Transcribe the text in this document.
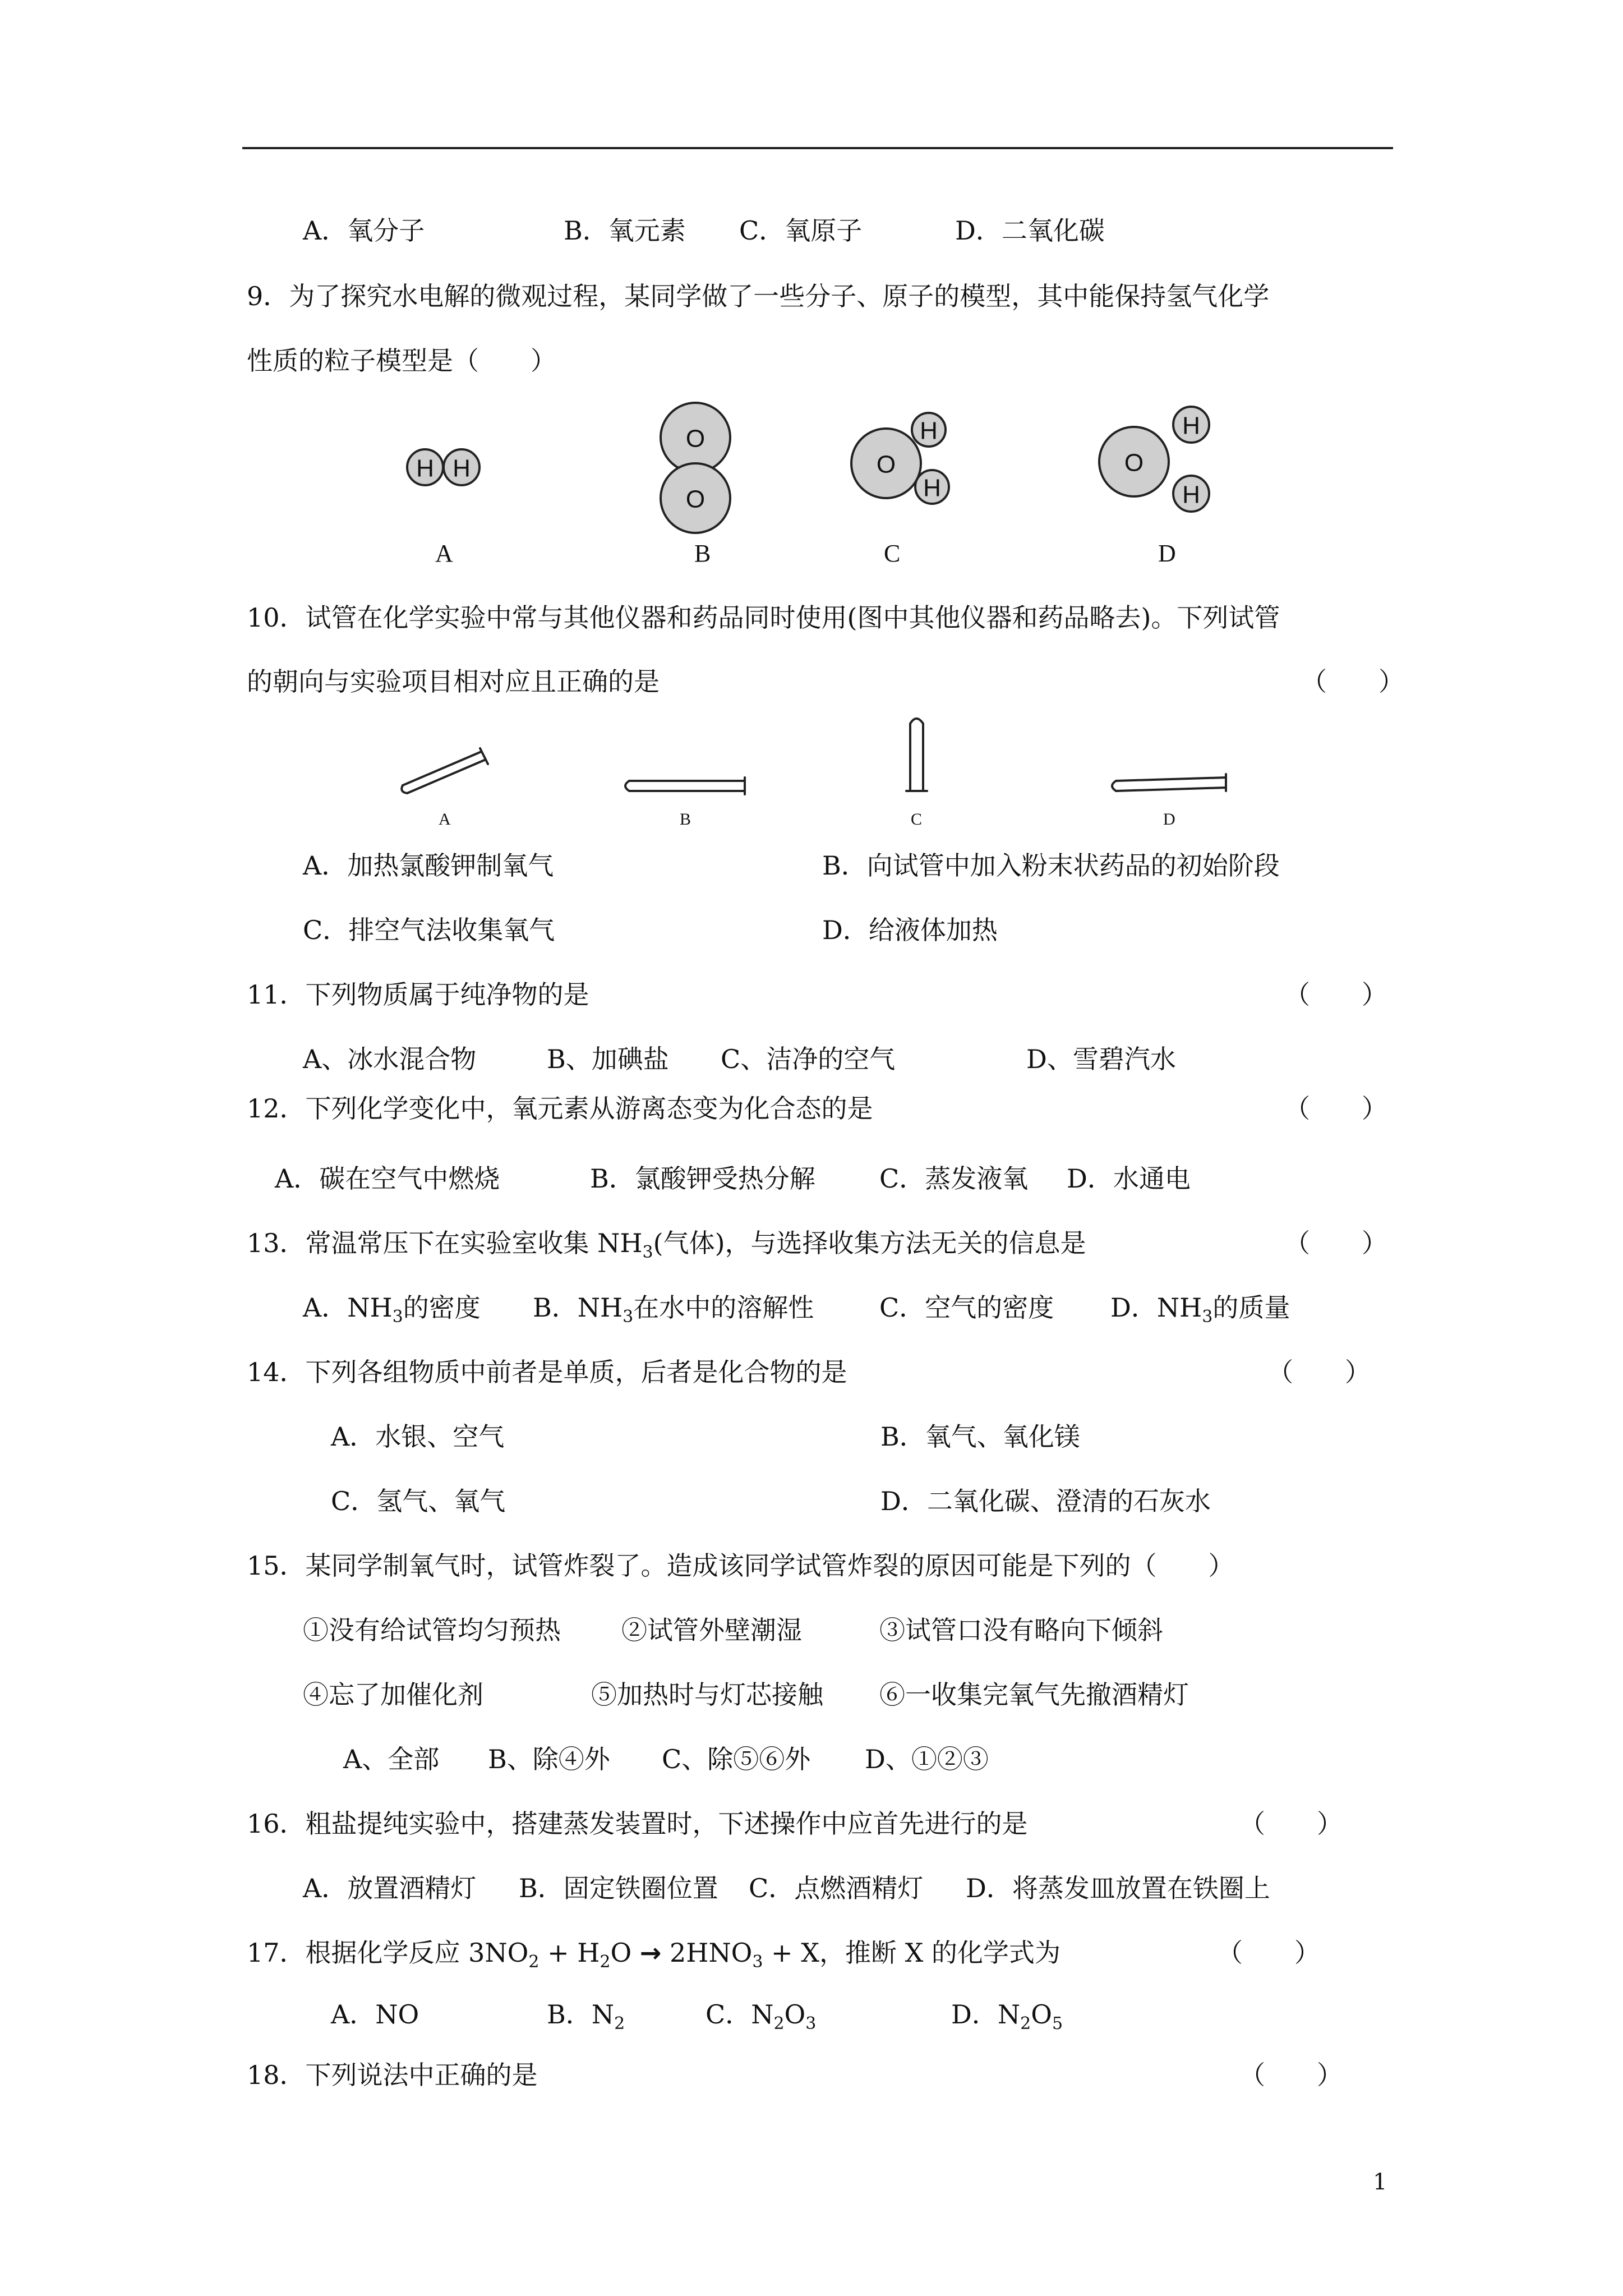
A．氧分子	B．氧元素 C．氧原子	D．二氧化碳
9．为了探究水电解的微观过程，某同学做了一些分子、原子的模型，其中能保持氢气化学
性质的粒子模型是（　　）
H H
O
O
O
H
H
O
H
H
A	B	C	D
10．试管在化学实验中常与其他仪器和药品同时使用(图中其他仪器和药品略去)。下列试管
的朝向与实验项目相对应且正确的是	（　　）
A	B	C	D
A．加热氯酸钾制氧气	B．向试管中加入粉末状药品的初始阶段
C．排空气法收集氧气	D．给液体加热
11．下列物质属于纯净物的是	（　　）
A、冰水混合物	B、加碘盐 C、洁净的空气	D、雪碧汽水
12．下列化学变化中，氧元素从游离态变为化合态的是	（　　）
A．碳在空气中燃烧	B．氯酸钾受热分解 C．蒸发液氧 D．水通电
13．常温常压下在实验室收集 $NH_3$(气体)，与选择收集方法无关的信息是	（　　）
A．$NH_3$的密度 B．$NH_3$在水中的溶解性	C．空气的密度 D．$NH_3$的质量
14．下列各组物质中前者是单质，后者是化合物的是	（　　）
A．水银、空气	B．氧气、氧化镁
C．氢气、氧气	D．二氧化碳、澄清的石灰水
15．某同学制氧气时，试管炸裂了。造成该同学试管炸裂的原因可能是下列的（　　）
①没有给试管均匀预热 ②试管外壁潮湿	③试管口没有略向下倾斜
④忘了加催化剂	⑤加热时与灯芯接触 ⑥一收集完氧气先撤酒精灯
A、全部 B、除④外 C、除⑤⑥外 D、①②③
16．粗盐提纯实验中，搭建蒸发装置时，下述操作中应首先进行的是	（　　）
A．放置酒精灯 B．固定铁圈位置 C．点燃酒精灯 D．将蒸发皿放置在铁圈上
17．根据化学反应 $3NO_2 + H_2O \to 2HNO_3 + X$，推断 X 的化学式为	（　　）
A．NO	B．$N_2$	C．$N_2O_3$	D．$N_2O_5$
18．下列说法中正确的是	（　　）
1
